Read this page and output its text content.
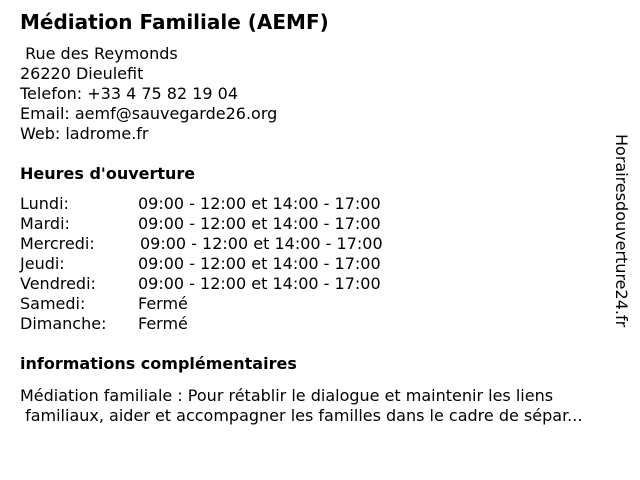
Médiation Familiale (AEMF)
Rue des Reymonds
26220 Dieulefit
Telefon: +33 4 75 82 19 04
Email: aemf@sauvegarde26.org
Web: ladrome.fr
Heures d'ouverture
Lundi:	09:00 - 12:00 et 14:00 - 17:00
Mardi:	09:00 - 12:00 et 14:00 - 17:00
Mercredi:	09:00 - 12:00 et 14:00 - 17:00
Jeudi:	09:00 - 12:00 et 14:00 - 17:00
Vendredi:	09:00 - 12:00 et 14:00 - 17:00
Samedi:	Fermé
Dimanche: Fermé
informations complémentaires
Médiation familiale : Pour rétablir le dialogue et maintenir les liens
familiaux, aider et accompagner les familles dans le cadre de sépar...
Horairesdouverture24.fr
